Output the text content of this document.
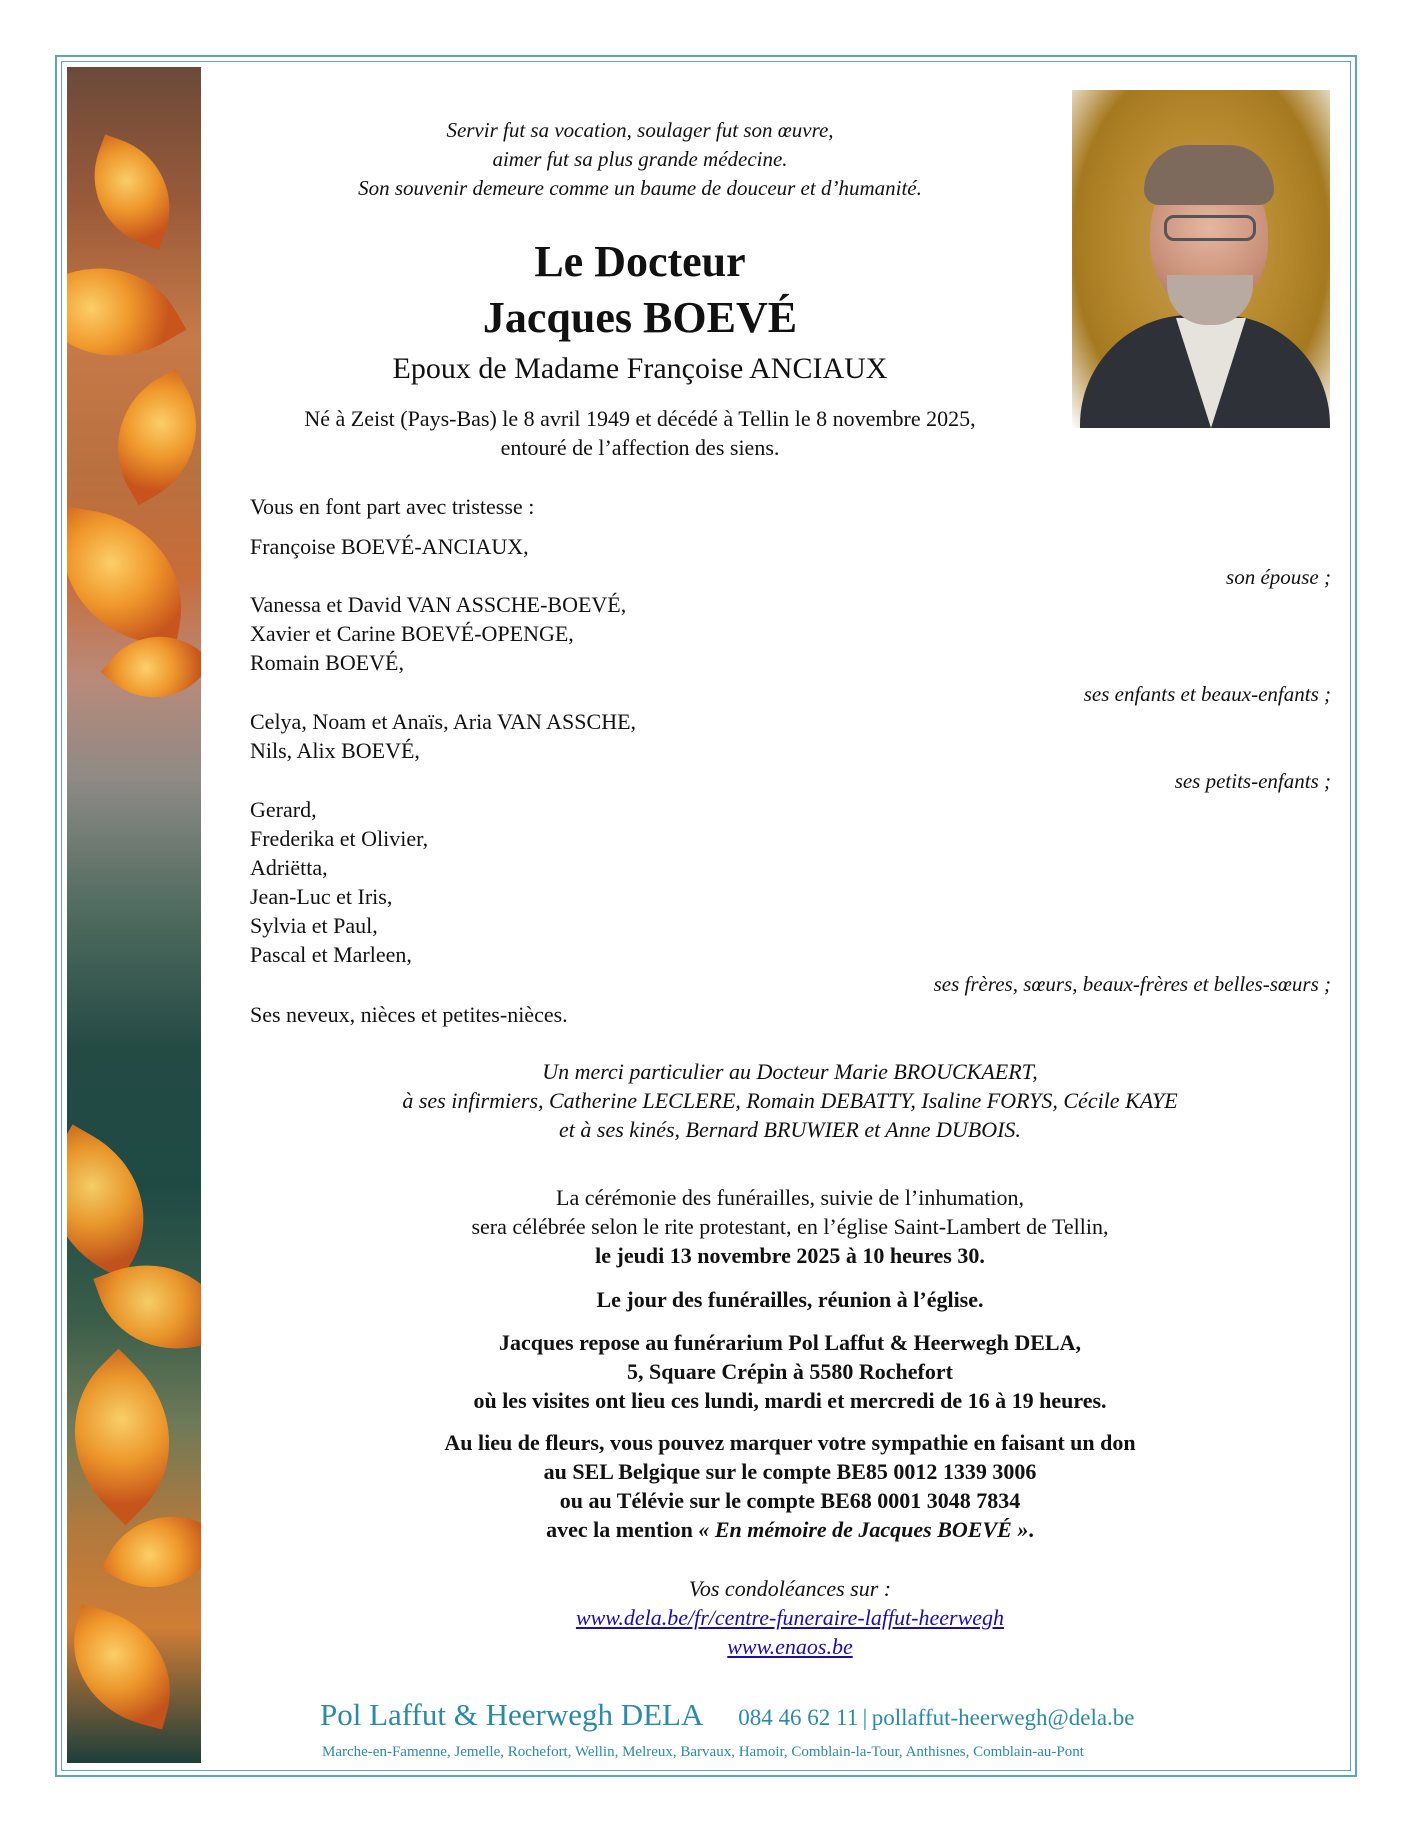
Servir fut sa vocation, soulager fut son œuvre,
aimer fut sa plus grande médecine.
Son souvenir demeure comme un baume de douceur et d’humanité.
Le Docteur
Jacques BOEVÉ
Epoux de Madame Françoise ANCIAUX
Né à Zeist (Pays-Bas) le 8 avril 1949 et décédé à Tellin le 8 novembre 2025,
entouré de l’affection des siens.
Vous en font part avec tristesse :
Françoise BOEVÉ-ANCIAUX,
son épouse ;
Vanessa et David VAN ASSCHE-BOEVÉ,
Xavier et Carine BOEVÉ-OPENGE,
Romain BOEVÉ,
ses enfants et beaux-enfants ;
Celya, Noam et Anaïs, Aria VAN ASSCHE,
Nils, Alix BOEVÉ,
ses petits-enfants ;
Gerard,
Frederika et Olivier,
Adriëtta,
Jean-Luc et Iris,
Sylvia et Paul,
Pascal et Marleen,
ses frères, sœurs, beaux-frères et belles-sœurs ;
Ses neveux, nièces et petites-nièces.
Un merci particulier au Docteur Marie BROUCKAERT,
à ses infirmiers, Catherine LECLERE, Romain DEBATTY, Isaline FORYS, Cécile KAYE
et à ses kinés, Bernard BRUWIER et Anne DUBOIS.
La cérémonie des funérailles, suivie de l’inhumation,
sera célébrée selon le rite protestant, en l’église Saint-Lambert de Tellin,
le jeudi 13 novembre 2025 à 10 heures 30.
Le jour des funérailles, réunion à l’église.
Jacques repose au funérarium Pol Laffut & Heerwegh DELA,
5, Square Crépin à 5580 Rochefort
où les visites ont lieu ces lundi, mardi et mercredi de 16 à 19 heures.
Au lieu de fleurs, vous pouvez marquer votre sympathie en faisant un don
au SEL Belgique sur le compte BE85 0012 1339 3006
ou au Télévie sur le compte BE68 0001 3048 7834
avec la mention « En mémoire de Jacques BOEVÉ ».
Vos condoléances sur :
www.dela.be/fr/centre-funeraire-laffut-heerwegh
www.enaos.be
Pol Laffut & Heerwegh DELA 084 46 62 11 | pollaffut-heerwegh@dela.be
Marche-en-Famenne, Jemelle, Rochefort, Wellin, Melreux, Barvaux, Hamoir, Comblain-la-Tour, Anthisnes, Comblain-au-Pont
